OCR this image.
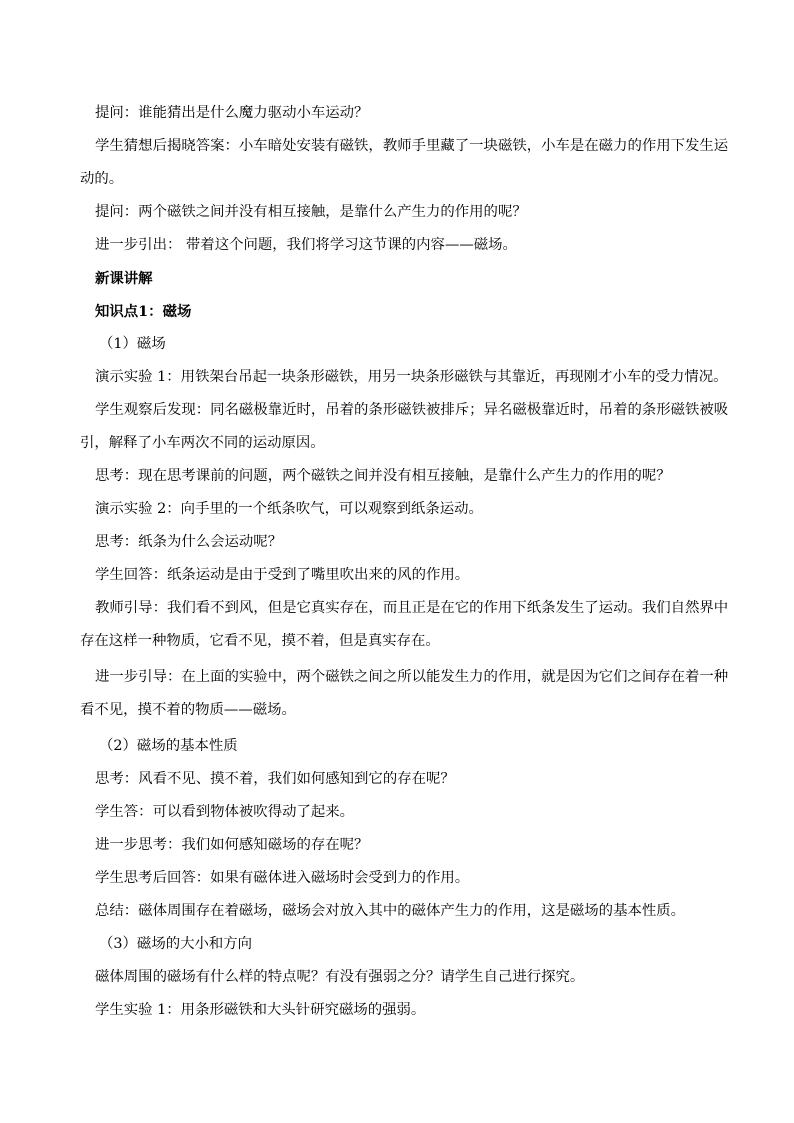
提问：谁能猜出是什么魔力驱动小车运动？

学生猜想后揭晓答案：小车暗处安装有磁铁，教师手里藏了一块磁铁，小车是在磁力的作用下发生运

动的。

提问：两个磁铁之间并没有相互接触，是靠什么产生力的作用的呢？

进一步引出： 带着这个问题，我们将学习这节课的内容——磁场。

新课讲解

知识点1：磁场

（1）磁场

演示实验 1：用铁架台吊起一块条形磁铁，用另一块条形磁铁与其靠近，再现刚才小车的受力情况。

学生观察后发现：同名磁极靠近时，吊着的条形磁铁被排斥；异名磁极靠近时，吊着的条形磁铁被吸

引，解释了小车两次不同的运动原因。

思考：现在思考课前的问题，两个磁铁之间并没有相互接触，是靠什么产生力的作用的呢？

演示实验 2：向手里的一个纸条吹气，可以观察到纸条运动。

思考：纸条为什么会运动呢？

学生回答：纸条运动是由于受到了嘴里吹出来的风的作用。

教师引导：我们看不到风，但是它真实存在，而且正是在它的作用下纸条发生了运动。我们自然界中

存在这样一种物质，它看不见，摸不着，但是真实存在。

进一步引导：在上面的实验中，两个磁铁之间之所以能发生力的作用，就是因为它们之间存在着一种

看不见，摸不着的物质——磁场。

（2）磁场的基本性质

思考：风看不见、摸不着，我们如何感知到它的存在呢？

学生答：可以看到物体被吹得动了起来。

进一步思考：我们如何感知磁场的存在呢？

学生思考后回答：如果有磁体进入磁场时会受到力的作用。

总结：磁体周围存在着磁场，磁场会对放入其中的磁体产生力的作用，这是磁场的基本性质。

（3）磁场的大小和方向

磁体周围的磁场有什么样的特点呢？有没有强弱之分？请学生自己进行探究。

学生实验 1：用条形磁铁和大头针研究磁场的强弱。
